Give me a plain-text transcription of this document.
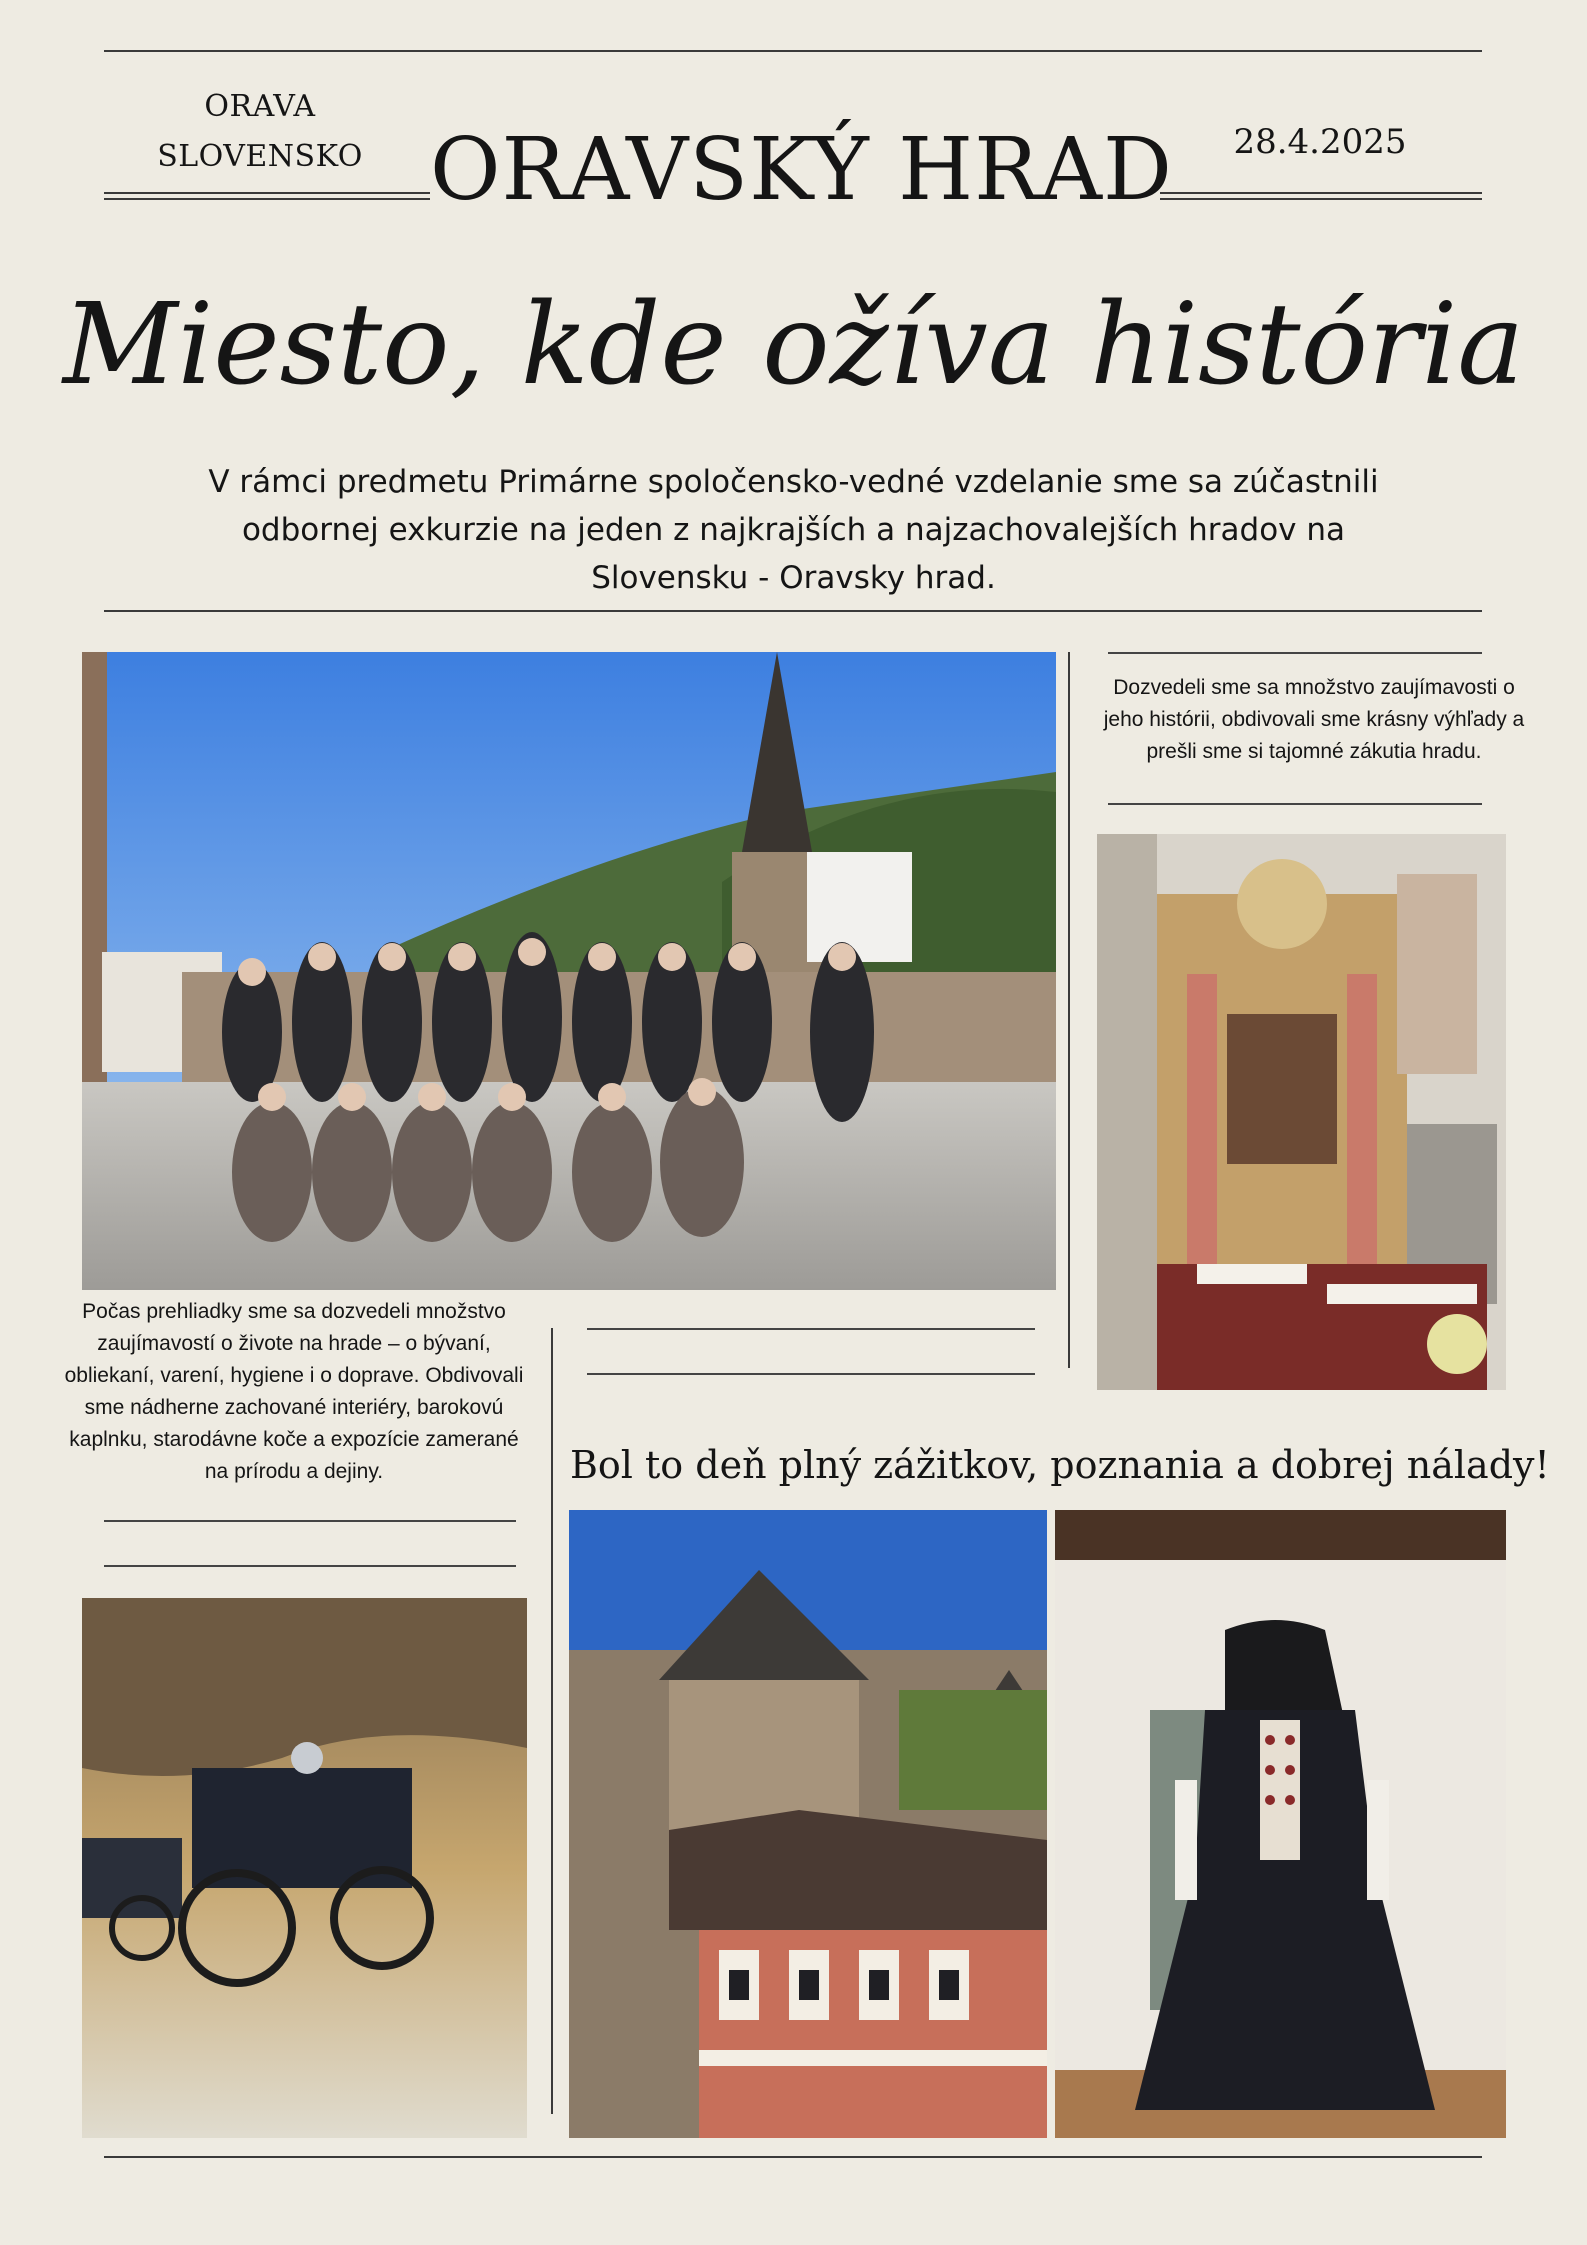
ORAVA
SLOVENSKO ORAVSKÝ HRAD	28.4.2025
Miesto, kde ožíva história
V rámci predmetu Primárne spoločensko-vedné vzdelanie sme sa zúčastnili odbornej exkurzie na jeden z najkrajších a najzachovalejších hradov na Slovensku - Oravsky hrad.
Dozvedeli sme sa množstvo zaujímavosti o jeho histórii, obdivovali sme krásny výhľady a prešli sme si tajomné zákutia hradu.
Počas prehliadky sme sa dozvedeli množstvo zaujímavostí o živote na hrade – o bývaní, obliekaní, varení, hygiene i o doprave. Obdivovali sme nádherne zachované interiéry, barokovú kaplnku, starodávne koče a expozície zamerané na prírodu a dejiny.	Bol to deň plný zážitkov, poznania a dobrej nálady!
